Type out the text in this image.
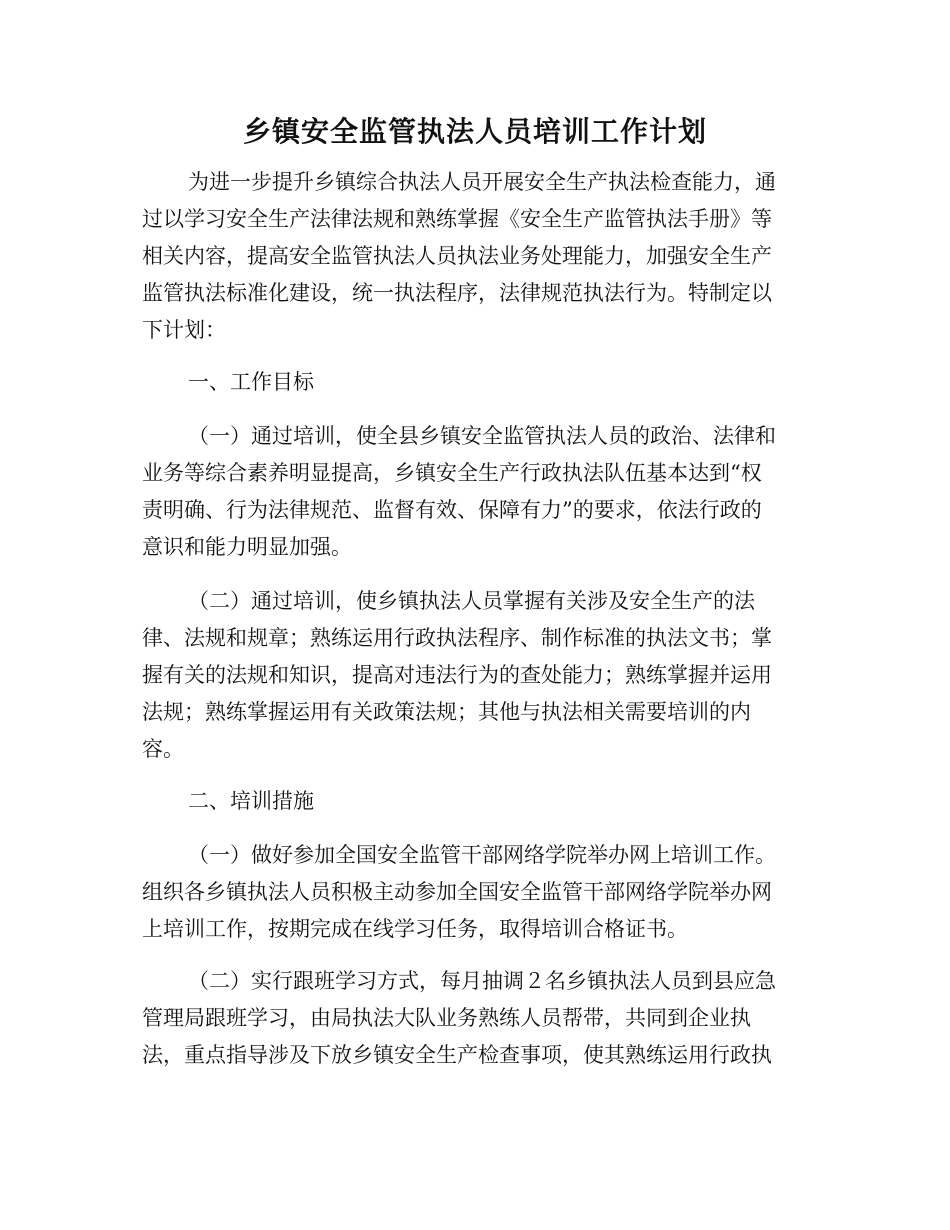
乡镇安全监管执法人员培训工作计划
为进一步提升乡镇综合执法人员开展安全生产执法检查能力，通
过以学习安全生产法律法规和熟练掌握《安全生产监管执法手册》等
相关内容，提高安全监管执法人员执法业务处理能力，加强安全生产
监管执法标准化建设，统一执法程序，法律规范执法行为。特制定以
下计划：
一、工作目标
（一）通过培训，使全县乡镇安全监管执法人员的政治、法律和
业务等综合素养明显提高，乡镇安全生产行政执法队伍基本达到“权
责明确、行为法律规范、监督有效、保障有力”的要求，依法行政的
意识和能力明显加强。
（二）通过培训，使乡镇执法人员掌握有关涉及安全生产的法
律、法规和规章；熟练运用行政执法程序、制作标准的执法文书；掌
握有关的法规和知识，提高对违法行为的查处能力；熟练掌握并运用
法规；熟练掌握运用有关政策法规；其他与执法相关需要培训的内
容。
二、培训措施
（一）做好参加全国安全监管干部网络学院举办网上培训工作。
组织各乡镇执法人员积极主动参加全国安全监管干部网络学院举办网
上培训工作，按期完成在线学习任务，取得培训合格证书。
（二）实行跟班学习方式，每月抽调２名乡镇执法人员到县应急
管理局跟班学习，由局执法大队业务熟练人员帮带，共同到企业执
法，重点指导涉及下放乡镇安全生产检查事项，使其熟练运用行政执
